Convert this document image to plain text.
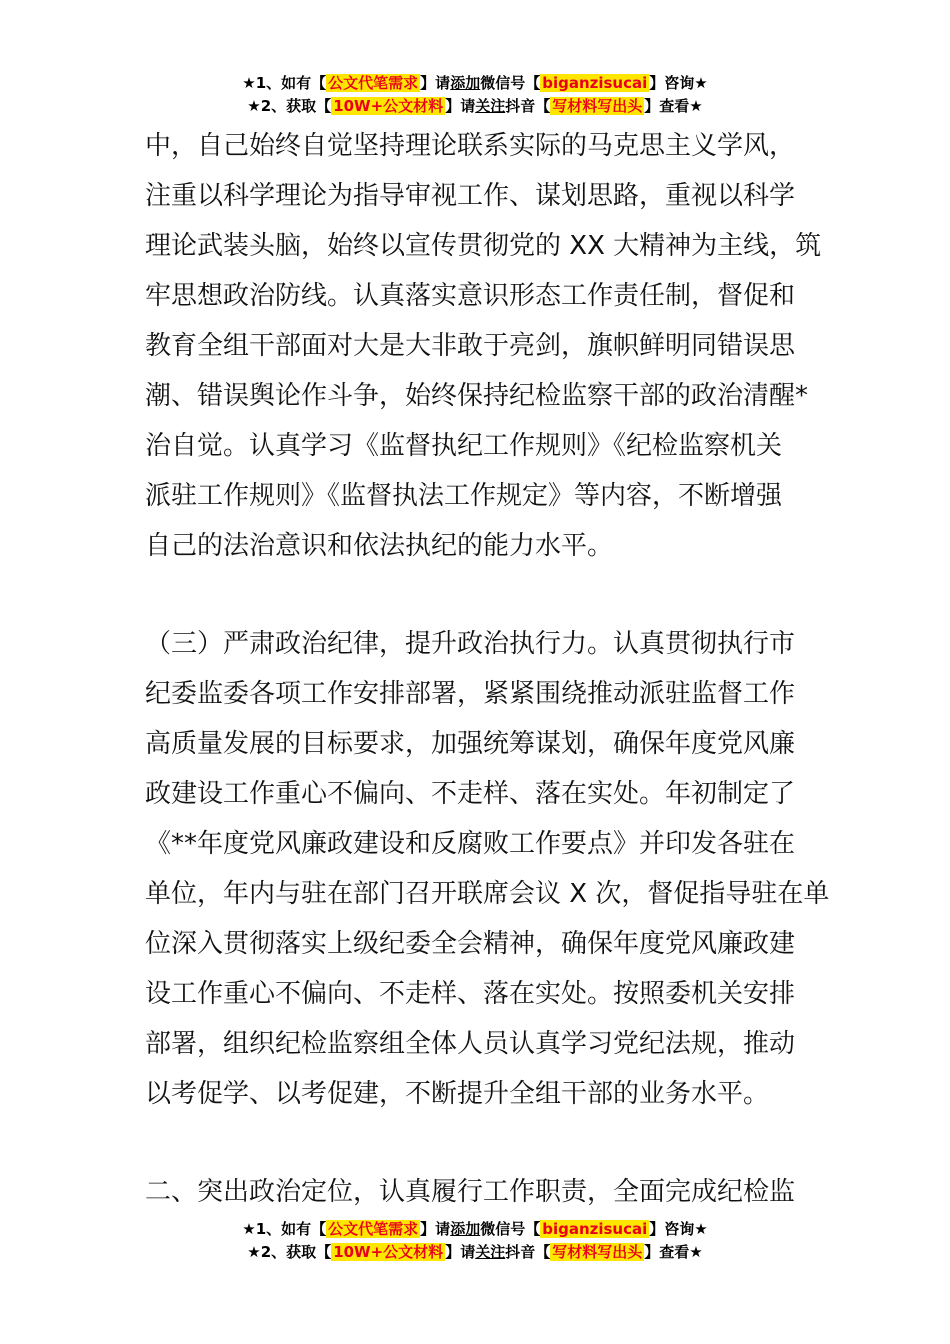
★1、如有【 公文代笔需求 】请添加微信号【 biganzisucai 】咨询★
★2、获取【 10W+公文材料 】请关注抖音【 写材料写出头 】查看★
中，自己始终自觉坚持理论联系实际的马克思主义学风，
注重以科学理论为指导审视工作、谋划思路，重视以科学
理论武装头脑，始终以宣传贯彻党的 XX 大精神为主线，筑
牢思想政治防线。认真落实意识形态工作责任制，督促和
教育全组干部面对大是大非敢于亮剑，旗帜鲜明同错误思
潮、错误舆论作斗争，始终保持纪检监察干部的政治清醒*
治自觉。认真学习《监督执纪工作规则》《纪检监察机关
派驻工作规则》《监督执法工作规定》等内容，不断增强
自己的法治意识和依法执纪的能力水平。
（三）严肃政治纪律，提升政治执行力。认真贯彻执行市
纪委监委各项工作安排部署，紧紧围绕推动派驻监督工作
高质量发展的目标要求，加强统筹谋划，确保年度党风廉
政建设工作重心不偏向、不走样、落在实处。年初制定了
《**年度党风廉政建设和反腐败工作要点》并印发各驻在
单位，年内与驻在部门召开联席会议 X 次，督促指导驻在单
位深入贯彻落实上级纪委全会精神，确保年度党风廉政建
设工作重心不偏向、不走样、落在实处。按照委机关安排
部署，组织纪检监察组全体人员认真学习党纪法规，推动
以考促学、以考促建，不断提升全组干部的业务水平。
二、突出政治定位，认真履行工作职责，全面完成纪检监
★1、如有【 公文代笔需求 】请添加微信号【 biganzisucai 】咨询★
★2、获取【 10W+公文材料 】请关注抖音【 写材料写出头 】查看★
